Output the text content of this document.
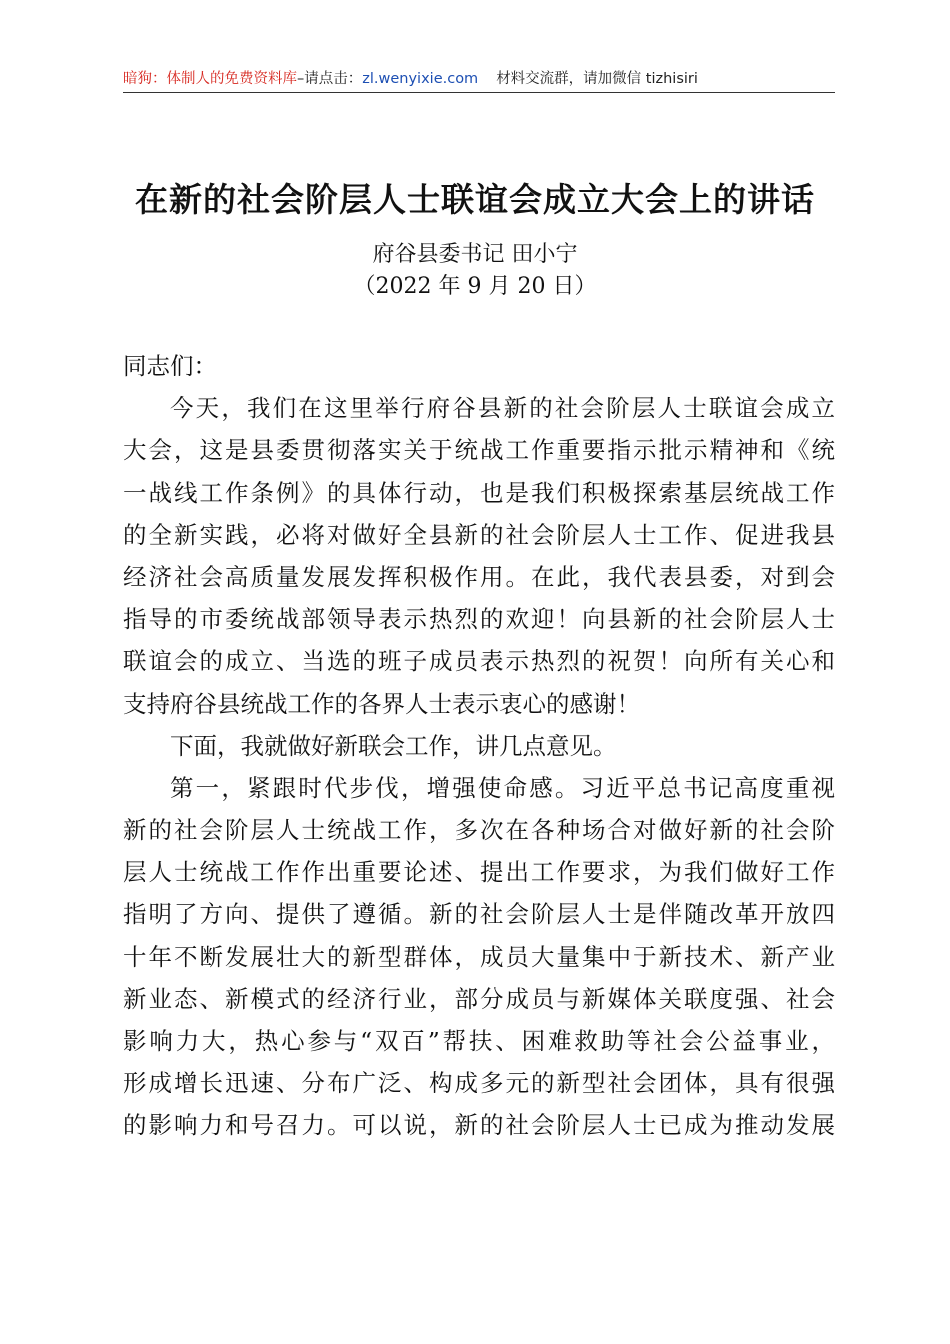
暗狗：体制人的免费资料库–请点击：zl.wenyixie.com 材料交流群，请加微信 tizhisiri
在新的社会阶层人士联谊会成立大会上的讲话
府谷县委书记 田小宁
（2022 年 9 月 20 日）
同志们：
今天，我们在这里举行府谷县新的社会阶层人士联谊会成立
大会，这是县委贯彻落实关于统战工作重要指示批示精神和《统
一战线工作条例》的具体行动，也是我们积极探索基层统战工作
的全新实践，必将对做好全县新的社会阶层人士工作、促进我县
经济社会高质量发展发挥积极作用。在此，我代表县委，对到会
指导的市委统战部领导表示热烈的欢迎！向县新的社会阶层人士
联谊会的成立、当选的班子成员表示热烈的祝贺！向所有关心和
支持府谷县统战工作的各界人士表示衷心的感谢！
下面，我就做好新联会工作，讲几点意见。
第一，紧跟时代步伐，增强使命感。习近平总书记高度重视
新的社会阶层人士统战工作，多次在各种场合对做好新的社会阶
层人士统战工作作出重要论述、提出工作要求，为我们做好工作
指明了方向、提供了遵循。新的社会阶层人士是伴随改革开放四
十年不断发展壮大的新型群体，成员大量集中于新技术、新产业
新业态、新模式的经济行业，部分成员与新媒体关联度强、社会
影响力大，热心参与“双百”帮扶、困难救助等社会公益事业，
形成增长迅速、分布广泛、构成多元的新型社会团体，具有很强
的影响力和号召力。可以说，新的社会阶层人士已成为推动发展
